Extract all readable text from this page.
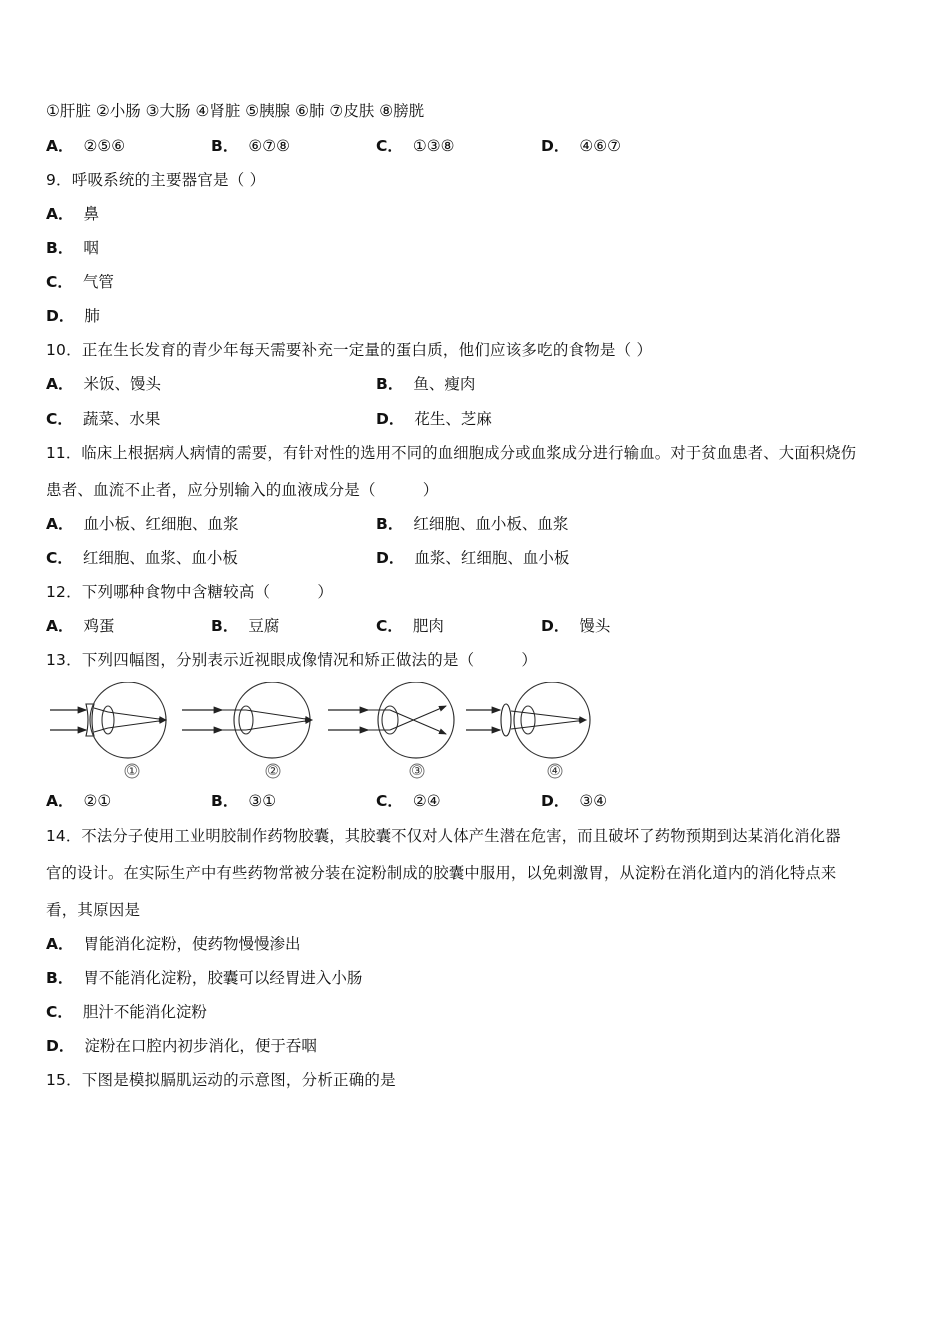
①肝脏 ②小肠 ③大肠 ④肾脏 ⑤胰腺 ⑥肺 ⑦皮肤 ⑧膀胱
A． ②⑤⑥	B． ⑥⑦⑧	C． ①③⑧	D． ④⑥⑦
9．呼吸系统的主要器官是（ ）
A． 鼻
B． 咽
C． 气管
D． 肺
10．正在生长发育的青少年每天需要补充一定量的蛋白质，他们应该多吃的食物是（ ）
A． 米饭、馒头	B． 鱼、瘦肉
C． 蔬菜、水果	D． 花生、芝麻
11．临床上根据病人病情的需要，有针对性的选用不同的血细胞成分或血浆成分进行输血。对于贫血患者、大面积烧伤
患者、血流不止者，应分别输入的血液成分是（　　　）
A． 血小板、红细胞、血浆	B． 红细胞、血小板、血浆
C． 红细胞、血浆、血小板	D． 血浆、红细胞、血小板
12．下列哪种食物中含糖较高（　　　）
A． 鸡蛋	B． 豆腐	C． 肥肉	D． 馒头
13．下列四幅图，分别表示近视眼成像情况和矫正做法的是（　　　）
①	②	③	④
A． ②①	B． ③①	C． ②④	D． ③④
14．不法分子使用工业明胶制作药物胶囊，其胶囊不仅对人体产生潜在危害，而且破坏了药物预期到达某消化消化器
官的设计。在实际生产中有些药物常被分装在淀粉制成的胶囊中服用，以免刺激胃，从淀粉在消化道内的消化特点来
看，其原因是
A． 胃能消化淀粉，使药物慢慢渗出
B． 胃不能消化淀粉，胶囊可以经胃进入小肠
C． 胆汁不能消化淀粉
D． 淀粉在口腔内初步消化，便于吞咽
15．下图是模拟膈肌运动的示意图，分析正确的是
